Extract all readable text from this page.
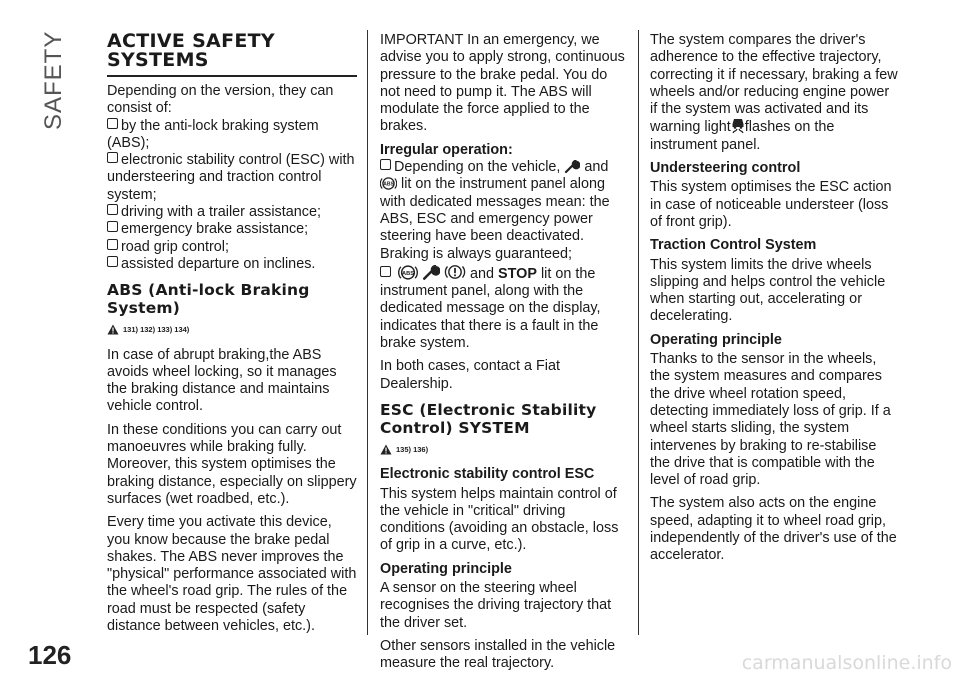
SAFETY ACTIVE SAFETY SYSTEMS

Depending on the version, they can consist of:

by the anti-lock braking system (ABS);
electronic stability control (ESC) with understeering and traction control system;
driving with a trailer assistance;
emergency brake assistance;
road grip control;
assisted departure on inclines.
ABS (Anti-lock Braking System)
131) 132) 133) 134)

In case of abrupt braking,the ABS avoids wheel locking, so it manages the braking distance and maintains vehicle control.

In these conditions you can carry out manoeuvres while braking fully. Moreover, this system optimises the braking distance, especially on slippery surfaces (wet roadbed, etc.).

Every time you activate this device, you know because the brake pedal shakes. The ABS never improves the "physical" performance associated with the wheel's road grip. The rules of the road must be respected (safety distance between vehicles, etc.).

IMPORTANT In an emergency, we advise you to apply strong, continuous pressure to the brake pedal. You do not need to pump it. The ABS will modulate the force applied to the brakes.

Irregular operation:
Depending on the vehicle, and
ABS lit on the instrument panel along with dedicated messages mean: the ABS, ESC and emergency power steering have been deactivated. Braking is always guaranteed;

ABS	and STOP lit on the instrument panel, along with the dedicated message on the display, indicates that there is a fault in the brake system.

In both cases, contact a Fiat Dealership.

ESC (Electronic Stability Control) SYSTEM
135) 136)
Electronic stability control ESC

This system helps maintain control of the vehicle in "critical" driving conditions (avoiding an obstacle, loss of grip in a curve, etc.).

Operating principle

A sensor on the steering wheel recognises the driving trajectory that the driver set.

Other sensors installed in the vehicle measure the real trajectory.

The system compares the driver's adherence to the effective trajectory, correcting it if necessary, braking a few wheels and/or reducing engine power if the system was activated and its warning light flashes on the instrument panel.

Understeering control

This system optimises the ESC action in case of noticeable understeer (loss of front grip).

Traction Control System

This system limits the drive wheels slipping and helps control the vehicle when starting out, accelerating or decelerating.

Operating principle

Thanks to the sensor in the wheels, the system measures and compares the drive wheel rotation speed, detecting immediately loss of grip. If a wheel starts sliding, the system intervenes by braking to re-stabilise the drive that is compatible with the level of road grip.

The system also acts on the engine speed, adapting it to wheel road grip, independently of the driver's use of the accelerator.

126	carmanualsonline.info
